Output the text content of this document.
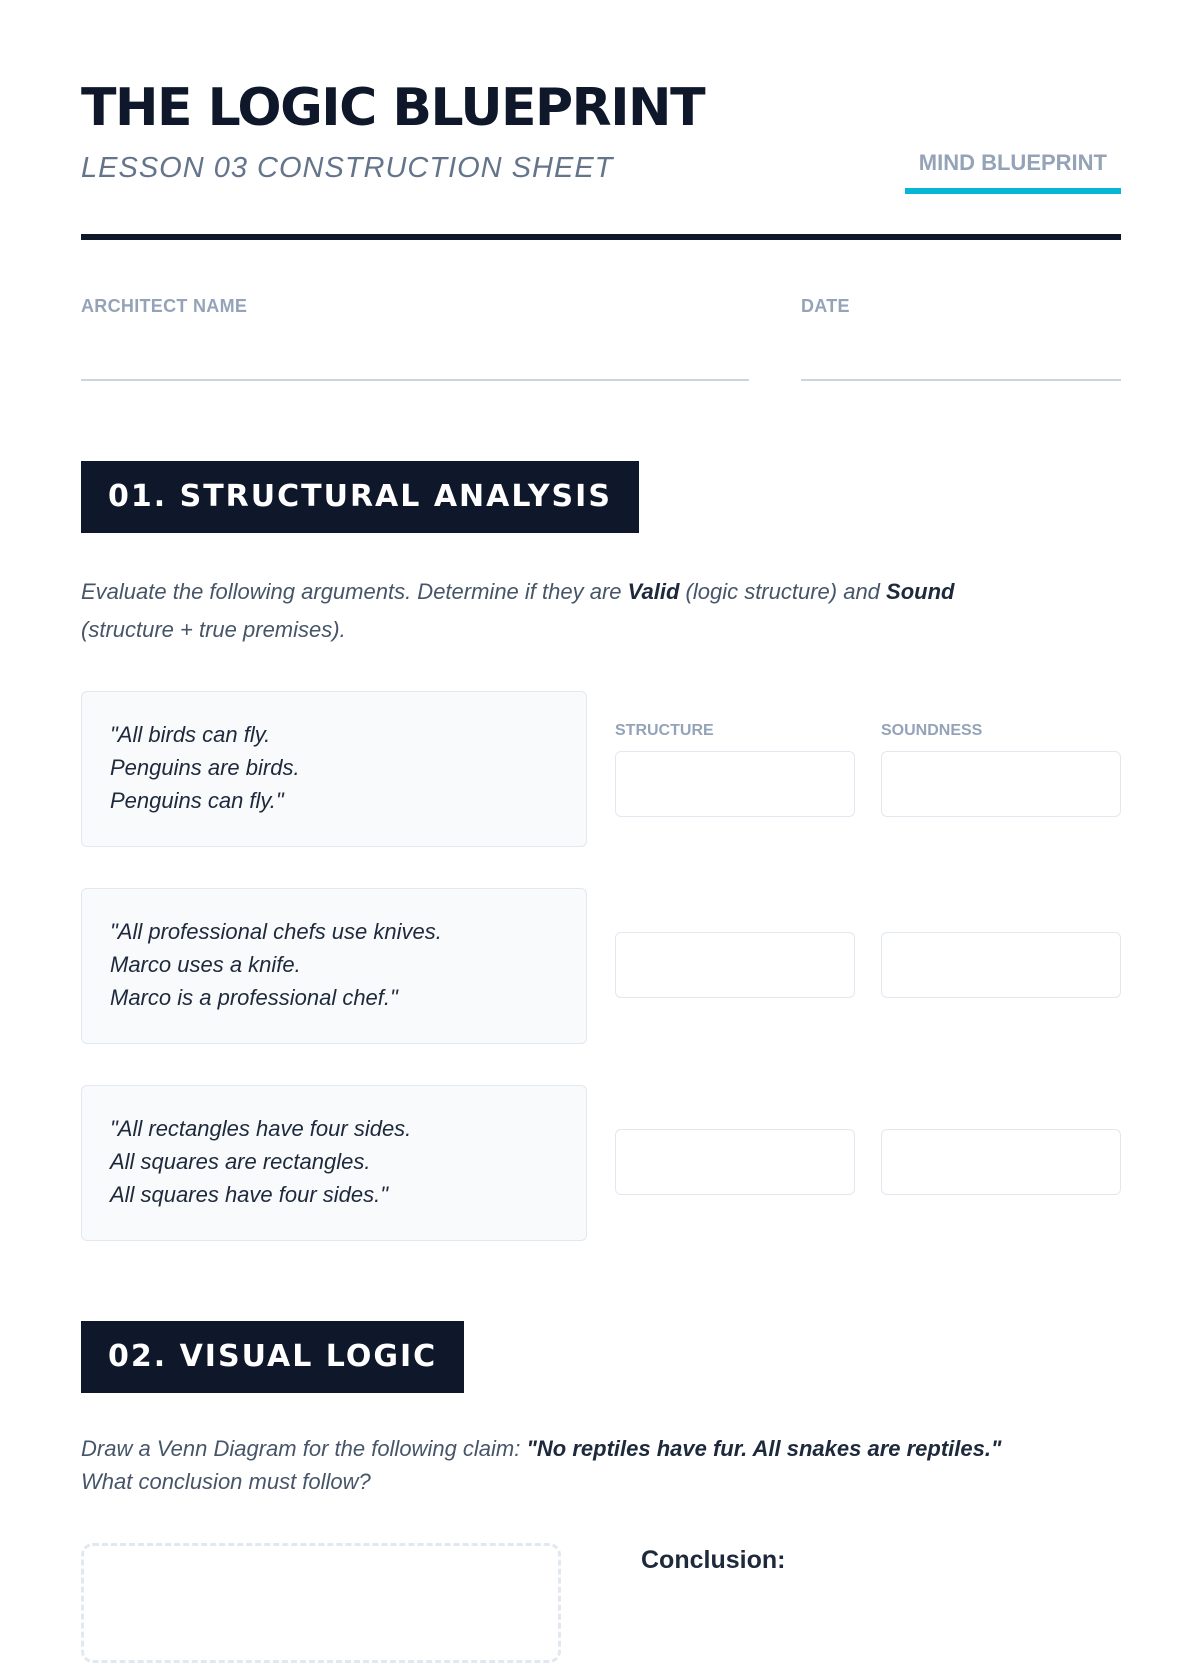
THE LOGIC BLUEPRINT
LESSON 03 CONSTRUCTION SHEET	MIND BLUEPRINT
ARCHITECT NAME	DATE
01. STRUCTURAL ANALYSIS
Evaluate the following arguments. Determine if they are Valid (logic structure) and Sound
(structure + true premises).
STRUCTURE	SOUNDNESS
"All birds can fly.
Penguins are birds.
Penguins can fly."
"All professional chefs use knives.
Marco uses a knife.
Marco is a professional chef."
"All rectangles have four sides.
All squares are rectangles.
All squares have four sides."
02. VISUAL LOGIC
Draw a Venn Diagram for the following claim: "No reptiles have fur. All snakes are reptiles."
What conclusion must follow?
Conclusion:
